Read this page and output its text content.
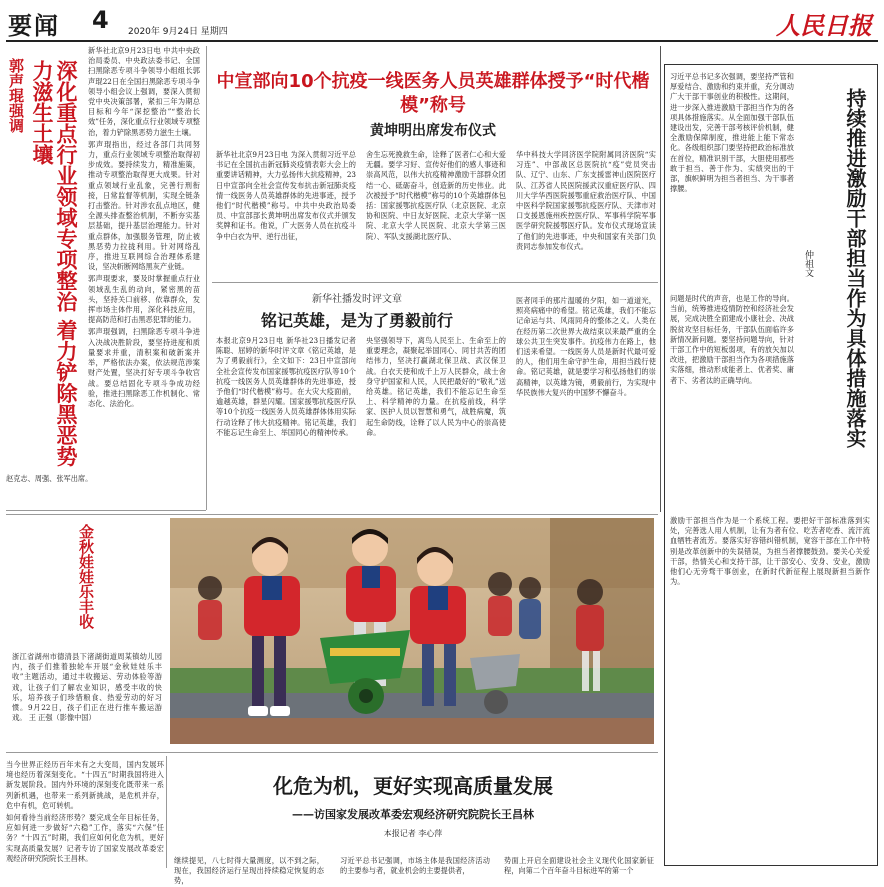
要闻	4 2020年 9月24日 星期四	人民日报
郭声琨强调	深化重点行业领域专项整治 着力铲除黑恶势力滋生土壤

新华社北京9月23日电 中共中央政治局委员、中央政法委书记、全国扫黑除恶专项斗争领导小组组长郭声琨22日在全国扫黑除恶专项斗争领导小组会议上强调，要深入贯彻党中央决策部署，紧扣三年为期总目标和今年“深挖整治”“整治长效”任务，深化重点行业领域专项整治，着力铲除黑恶势力滋生土壤。

郭声琨指出，经过各部门共同努力，重点行业领域专项整治取得初步成效。要持续发力，精准施策，推动专项整治取得更大成果。针对重点领域行业乱象，完善行刑衔接，日常监督等机制，实现全链条打击整治。针对涉农乱点地区，健全源头排查整治机制，不断夯实基层基础，提升基层治理能力。针对重点群体，加强服务管理，防止被黑恶势力拉拢利用。针对网络乱序，推进互联网综合治理体系建设，坚决斩断网络黑灰产业链。

郭声琨要求，要及时掌握重点行业领域乱生乱的动向，紧密黑的苗头，坚持关口前移、依靠群众，发挥市场主体作用，深化科技应用，提高防范和打击黑恶犯罪的能力。

郭声琨强调，扫黑除恶专项斗争进入决战决胜阶段，要坚持进度和质量要求并重，清积案和破新案并举，严格依法办案，依法规范涉案财产处置，坚决打好专项斗争收官战。要总结固化专项斗争成功经验，推进扫黑除恶工作机制化、常态化、法治化。

赵克志、周强、张军出席。

中宣部向10个抗疫一线医务人员英雄群体授予“时代楷模”称号
黄坤明出席发布仪式
新华社北京9月23日电 为深入贯彻习近平总书记在全国抗击新冠肺炎疫情表彰大会上的重要讲话精神，大力弘扬伟大抗疫精神，23日中宣部向全社会宣传发布抗击新冠肺炎疫情一线医务人员英雄群体的先进事迹，授予他们“时代楷模”称号。中共中央政治局委员、中宣部部长黄坤明出席发布仪式并颁发奖牌和证书。他说，广大医务人员在抗疫斗争中白衣为甲、逆行出征，
舍生忘死挽救生命，诠释了医者仁心和大爱无疆。要学习好、宣传好他们的感人事迹和崇高风范，以伟大抗疫精神激励干部群众团结一心、砥砺奋斗，创造新的历史伟业。此次被授予“时代楷模”称号的10个英雄群体包括：国家援鄂抗疫医疗队（北京医院、北京协和医院、中日友好医院、北京大学第一医院、北京大学人民医院、北京大学第三医院）、军队支援湖北医疗队、
华中科技大学同济医学院附属同济医院“实习连”、中部战区总医院抗“疫”党员突击队、辽宁、山东、广东支援雷神山医院医疗队、江苏省人民医院援武汉重症医疗队、四川大学华西医院援鄂重症救治医疗队、中国中医科学院国家援鄂抗疫医疗队、天津市对口支援恩施州疾控医疗队、军事科学院军事医学研究院援鄂医疗队。发布仪式现场宣读了他们的先进事迹，中央和国家有关部门负责同志参加发布仪式。
新华社播发时评文章
铭记英雄，是为了勇毅前行
本报北京9月23日电 新华社23日播发记者陈聪、屈婷的新华时评文章《铭记英雄，是为了勇毅前行》，全文如下：23日中宣部向全社会宣传发布国家援鄂抗疫医疗队等10个抗疫一线医务人员英雄群体的先进事迹，授予他们“时代楷模”称号。在大灾大疫面前，逾越英雄，群星闪耀。国家援鄂抗疫医疗队等10个抗疫一线医务人员英雄群体体用实际行动诠释了伟大抗疫精神。铭记英雄，我们不能忘记生命至上、举国同心的精神传承。
央坚强领导下，离鸟人民至上、生命至上的重要理念，凝聚起举国同心、同甘共苦的团结伟力，坚决打赢湖北保卫战、武汉保卫战。白衣天使和成千上万人民群众，战士舍身守护国家和人民，人民把最好的“敬礼”送给英雄。铭记英雄，我们不能忘记生命至上、科学精神的力量。在抗疫前线，科学家、医护人员以智慧和勇气，战胜病魔，筑起生命防线，诠释了以人民为中心的崇高使命。
医者同手的那片温暖的夕阳，如一道道光，照亮病痛中的希望。铭记英雄，我们不能忘记命运与共、风雨同舟的整体之义。人类在在经历第二次世界大战结束以来最严重的全球公共卫生突发事件。抗疫伟力在路上，他们送来希望。一线医务人员是新时代最可爱的人，他们用生命守护生命，用担当践行使命。铭记英雄，就是要学习和弘扬他们的崇高精神，以英雄为镜，勇毅前行，为实现中华民族伟大复兴的中国梦不懈奋斗。
习近平总书记多次强调，要坚持严管和厚爱结合、激励和约束并重，充分调动广大干部干事创业的积极性。这期间，进一步深入推进激励干部担当作为的各项具体措施落实。从全面加强干部队伍建设出发，完善干部考核评价机制，健全激励保障制度，推进能上能下常态化。各级组织部门要坚持把政治标准放在首位，精准识别干部，大胆使用那些敢于担当、善于作为、实绩突出的干部，旗帜鲜明为担当者担当、为干事者撑腰。
仲祖文	持续推进激励干部担当作为具体措施落实
问题是时代的声音，也是工作的导向。当前，统筹推进疫情防控和经济社会发展，完成决胜全面建成小康社会、决战脱贫攻坚目标任务，干部队伍面临许多新情况新问题。要坚持问题导向，针对干部工作中的短板弱项，有的放矢加以改进，把激励干部担当作为各项措施落实落细，推动形成能者上、优者奖、庸者下、劣者汰的正确导向。
激励干部担当作为是一个系统工程。要把好干部标准落到实处，完善选人用人机制，让有为者有位、吃苦者吃香、流汗流血牺牲者流芳。要落实好容错纠错机制，宽容干部在工作中特别是改革创新中的失误错误，为担当者撑腰鼓劲。要关心关爱干部，热情关心和支持干部，让干部安心、安身、安业，激励他们心无旁骛干事创业，在新时代新征程上展现新担当新作为。
金秋娃娃乐丰收
浙江省湖州市德清县下渚湖街道周某镇幼儿园内，孩子们推着独轮车开展“金秋娃娃乐丰收”主题活动，通过丰收搬运、劳动体验等游戏，让孩子们了解农业知识，感受丰收的快乐，培养孩子们珍惜粮食、热爱劳动的好习惯。9月22日，孩子们正在进行推车搬运游戏。 王 正强（影像中国）

当今世界正经历百年未有之大变局，国内发展环境也经历着深刻变化。“十四五”时期我国将进入新发展阶段。国内外环境的深刻变化既带来一系列新机遇，也带来一系列新挑战，是危机并存，危中有机，危可转机。

如何看待当前经济形势？要完成全年目标任务，应如何进一步做好“六稳”工作，落实“六保”任务？“十四五”时期，我们应如何化危为机，更好实现高质量发展？记者专访了国家发展改革委宏观经济研究院院长王昌林。

化危为机，更好实现高质量发展
——访国家发展改革委宏观经济研究院院长王昌林
本报记者 李心萍
继续提见，八七时得大量测度，以不到之际，现在，我国经济运行呈现出持续稳定恢复的态势，
习近平总书记强调，市场主体是我国经济活动的主要参与者，就业机会的主要提供者，
势面上开启全面建设社会主义现代化国家新征程，向第二个百年奋斗目标进军的第一个
